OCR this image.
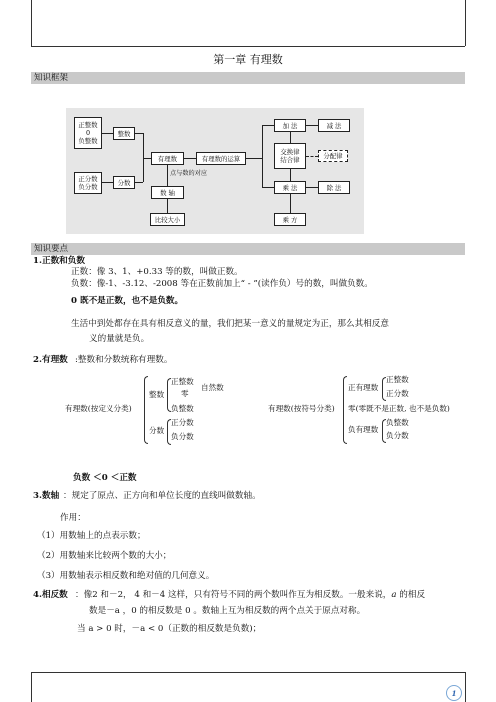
第一章 有理数
知识框架
正整数
0
负整数
整数
正分数
负分数
分数
有理数	有理数的运算
点与数的对应
数 轴
比较大小
加 法	减 法
交换律
结合律	分配律
乘 法	除 法
乘 方
知识要点
1.正数和负数
正数：像 3、1、+0.33 等的数，叫做正数。
负数：像-1、-3.12、-2008 等在正数前加上“ - ”(读作负）号的数，叫做负数。
0 既不是正数，也不是负数。
生活中到处都存在具有相反意义的量，我们把某一意义的量规定为正，那么其相反意
义的量就是负。
2.有理数 :整数和分数统称有理数。
有理数(按定义分类)
整数
正整数
零
自然数
负整数
分数
正分数
负分数
有理数(按符号分类)
正有理数
正整数
正分数
零(零既不是正数, 也不是负数)
负有理数
负整数
负分数
负数 ＜0 ＜正数
3.数轴 ：规定了原点、正方向和单位长度的直线叫做数轴。
作用：
（1）用数轴上的点表示数；
（2）用数轴来比较两个数的大小；
（3）用数轴表示相反数和绝对值的几何意义。
4.相反数 ：像2 和－2， 4 和－4 这样，只有符号不同的两个数叫作互为相反数。一般来说，a 的相反
数是－a ，0 的相反数是 0 。数轴上互为相反数的两个点关于原点对称。
当 a > 0 时，－a < 0（正数的相反数是负数)；
1
